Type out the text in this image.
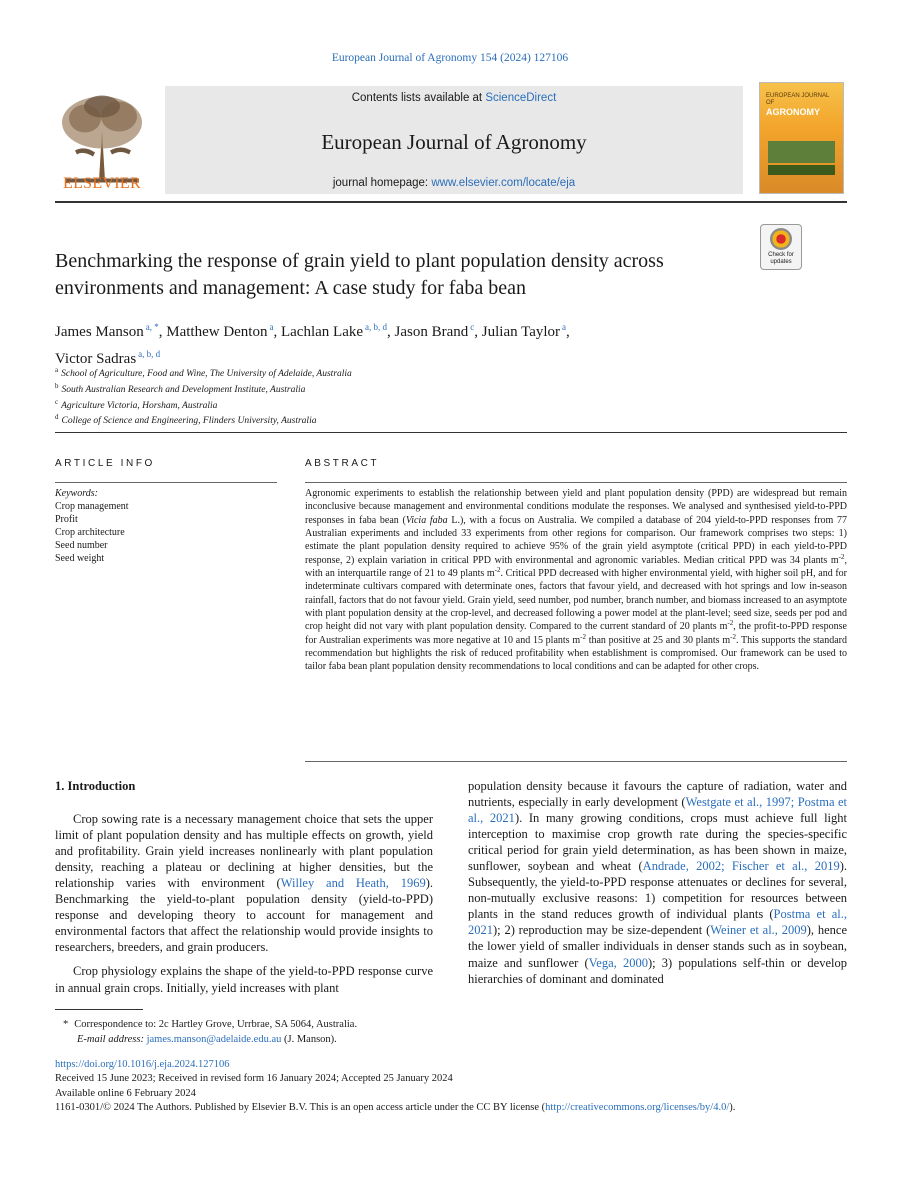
European Journal of Agronomy 154 (2024) 127106
ELSEVIER
Contents lists available at ScienceDirect
European Journal of Agronomy
journal homepage: www.elsevier.com/locate/eja
EUROPEAN JOURNAL OF
AGRONOMY
Benchmarking the response of grain yield to plant population density across environments and management: A case study for faba bean
Check for
updates
James Manson $^{a, *}$, Matthew Denton $^a$, Lachlan Lake $^{a, b, d}$, Jason Brand $^c$, Julian Taylor $^a$,
Victor Sadras $^{a, b, d}$
$^a$ School of Agriculture, Food and Wine, The University of Adelaide, Australia
$^b$ South Australian Research and Development Institute, Australia
$^c$ Agriculture Victoria, Horsham, Australia
$^d$ College of Science and Engineering, Flinders University, Australia
ARTICLE INFO	ABSTRACT
Keywords:
Crop management
Profit
Crop architecture
Seed number
Seed weight
Agronomic experiments to establish the relationship between yield and plant population density (PPD) are widespread but remain inconclusive because management and environmental conditions modulate the responses. We analysed and synthesised yield-to-PPD responses in faba bean (Vicia faba L.), with a focus on Australia. We compiled a database of 204 yield-to-PPD responses from 77 Australian experiments and included 33 experiments from other regions for comparison. Our framework comprises two steps: 1) estimate the plant population density required to achieve 95% of the grain yield asymptote (critical PPD) in each yield-to-PPD response, 2) explain variation in critical PPD with environmental and agronomic variables. Median critical PPD was 34 plants $m^{-2}$, with an interquartile range of 21 to 49 plants $m^{-2}$. Critical PPD decreased with higher environmental yield, with higher soil pH, and for indeterminate cultivars compared with determinate ones, factors that favour yield, and decreased with hot springs and low in-season rainfall, factors that do not favour yield. Grain yield, seed number, pod number, branch number, and biomass increased to an asymptote with plant population density at the crop-level, and decreased following a power model at the plant-level; seed size, seeds per pod and crop height did not vary with plant population density. Compared to the current standard of 20 plants $m^{-2}$, the profit-to-PPD response for Australian experiments was more negative at 10 and 15 plants $m^{-2}$ than positive at 25 and 30 plants $m^{-2}$. This supports the standard recommendation but highlights the risk of reduced profitability when establishment is compromised. Our framework can be used to tailor faba bean plant population density recommendations to local conditions and can be adapted for other crops.
1. Introduction

Crop sowing rate is a necessary management choice that sets the upper limit of plant population density and has multiple effects on growth, yield and profitability. Grain yield increases nonlinearly with plant population density, reaching a plateau or declining at higher densities, but the relationship varies with environment (Willey and Heath, 1969). Benchmarking the yield-to-plant population density (yield-to-PPD) response and developing theory to account for management and environmental factors that affect the relationship would provide insights to researchers, breeders, and grain producers.

Crop physiology explains the shape of the yield-to-PPD response curve in annual grain crops. Initially, yield increases with plant

population density because it favours the capture of radiation, water and nutrients, especially in early development (Westgate et al., 1997; Postma et al., 2021). In many growing conditions, crops must achieve full light interception to maximise crop growth rate during the species-specific critical period for grain yield determination, as has been shown in maize, sunflower, soybean and wheat (Andrade, 2002; Fischer et al., 2019). Subsequently, the yield-to-PPD response attenuates or declines for several, non-mutually exclusive reasons: 1) competition for resources between plants in the stand reduces growth of individual plants (Postma et al., 2021); 2) reproduction may be size-dependent (Weiner et al., 2009), hence the lower yield of smaller individuals in denser stands such as in soybean, maize and sunflower (Vega, 2000); 3) populations self-thin or develop hierarchies of dominant and dominated

* Correspondence to: 2c Hartley Grove, Urrbrae, SA 5064, Australia.
E-mail address: james.manson@adelaide.edu.au (J. Manson).
https://doi.org/10.1016/j.eja.2024.127106
Received 15 June 2023; Received in revised form 16 January 2024; Accepted 25 January 2024
Available online 6 February 2024
1161-0301/© 2024 The Authors. Published by Elsevier B.V. This is an open access article under the CC BY license (http://creativecommons.org/licenses/by/4.0/).
